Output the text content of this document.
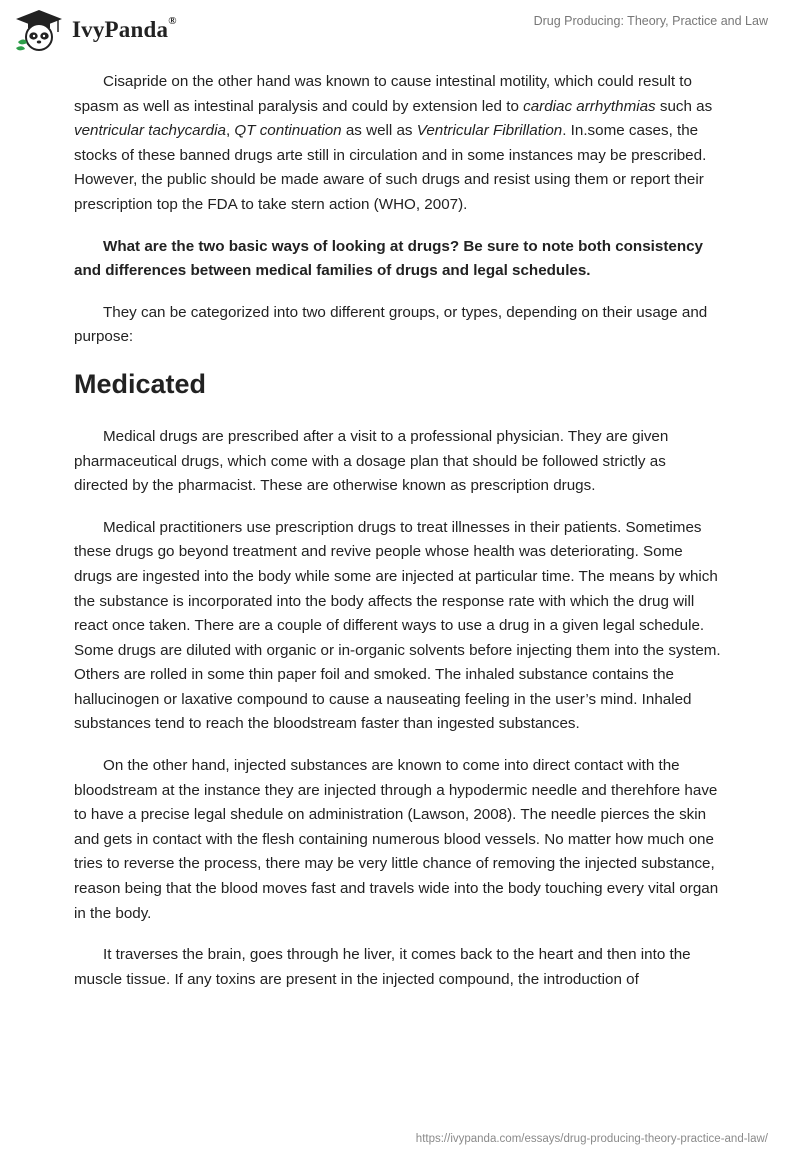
IvyPanda®	Drug Producing: Theory, Practice and Law

Cisapride on the other hand was known to cause intestinal motility, which could result to spasm as well as intestinal paralysis and could by extension led to cardiac arrhythmias such as ventricular tachycardia, QT continuation as well as Ventricular Fibrillation. In.some cases, the stocks of these banned drugs arte still in circulation and in some instances may be prescribed. However, the public should be made aware of such drugs and resist using them or report their prescription top the FDA to take stern action (WHO, 2007).

What are the two basic ways of looking at drugs? Be sure to note both consistency and differences between medical families of drugs and legal schedules.

They can be categorized into two different groups, or types, depending on their usage and purpose:

Medicated

Medical drugs are prescribed after a visit to a professional physician. They are given pharmaceutical drugs, which come with a dosage plan that should be followed strictly as directed by the pharmacist. These are otherwise known as prescription drugs.

Medical practitioners use prescription drugs to treat illnesses in their patients. Sometimes these drugs go beyond treatment and revive people whose health was deteriorating. Some drugs are ingested into the body while some are injected at particular time. The means by which the substance is incorporated into the body affects the response rate with which the drug will react once taken. There are a couple of different ways to use a drug in a given legal schedule. Some drugs are diluted with organic or in-organic solvents before injecting them into the system. Others are rolled in some thin paper foil and smoked. The inhaled substance contains the hallucinogen or laxative compound to cause a nauseating feeling in the user’s mind. Inhaled substances tend to reach the bloodstream faster than ingested substances.

On the other hand, injected substances are known to come into direct contact with the bloodstream at the instance they are injected through a hypodermic needle and therehfore have to have a precise legal shedule on administration (Lawson, 2008). The needle pierces the skin and gets in contact with the flesh containing numerous blood vessels. No matter how much one tries to reverse the process, there may be very little chance of removing the injected substance, reason being that the blood moves fast and travels wide into the body touching every vital organ in the body.

It traverses the brain, goes through he liver, it comes back to the heart and then into the muscle tissue. If any toxins are present in the injected compound, the introduction of

https://ivypanda.com/essays/drug-producing-theory-practice-and-law/
